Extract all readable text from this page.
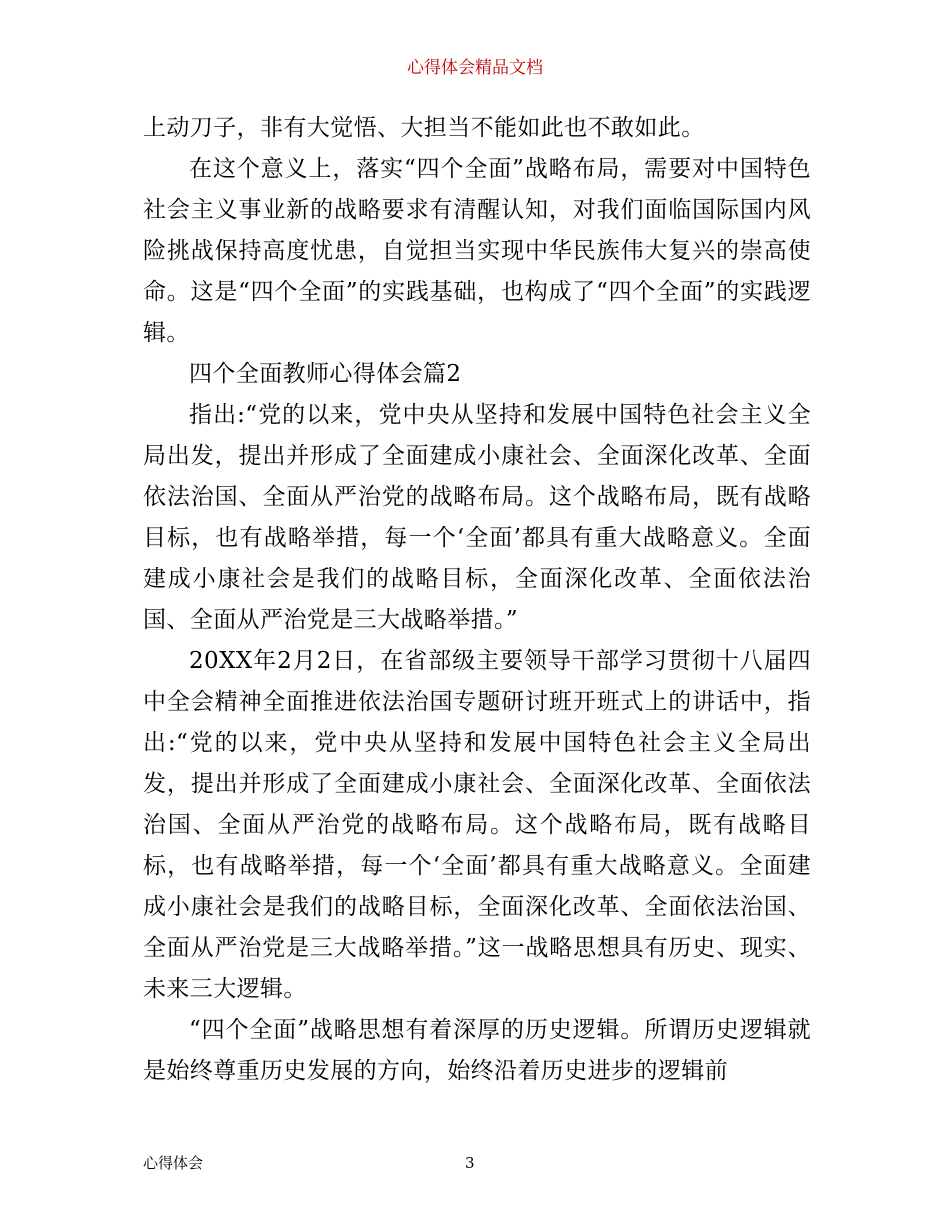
心得体会精品文档

上动刀子，非有大觉悟、大担当不能如此也不敢如此。

在这个意义上，落实“四个全面”战略布局，需要对中国特色社会主义事业新的战略要求有清醒认知，对我们面临国际国内风险挑战保持高度忧患，自觉担当实现中华民族伟大复兴的崇高使命。这是“四个全面”的实践基础，也构成了“四个全面”的实践逻辑。

四个全面教师心得体会篇2

指出:“党的以来，党中央从坚持和发展中国特色社会主义全局出发，提出并形成了全面建成小康社会、全面深化改革、全面依法治国、全面从严治党的战略布局。这个战略布局，既有战略目标，也有战略举措，每一个‘全面’都具有重大战略意义。全面建成小康社会是我们的战略目标，全面深化改革、全面依法治国、全面从严治党是三大战略举措。”

20XX年2月2日，在省部级主要领导干部学习贯彻十八届四中全会精神全面推进依法治国专题研讨班开班式上的讲话中，指出:“党的以来，党中央从坚持和发展中国特色社会主义全局出发，提出并形成了全面建成小康社会、全面深化改革、全面依法治国、全面从严治党的战略布局。这个战略布局，既有战略目标，也有战略举措，每一个‘全面’都具有重大战略意义。全面建成小康社会是我们的战略目标，全面深化改革、全面依法治国、全面从严治党是三大战略举措。”这一战略思想具有历史、现实、未来三大逻辑。

“四个全面”战略思想有着深厚的历史逻辑。所谓历史逻辑就是始终尊重历史发展的方向，始终沿着历史进步的逻辑前

心得体会	3
